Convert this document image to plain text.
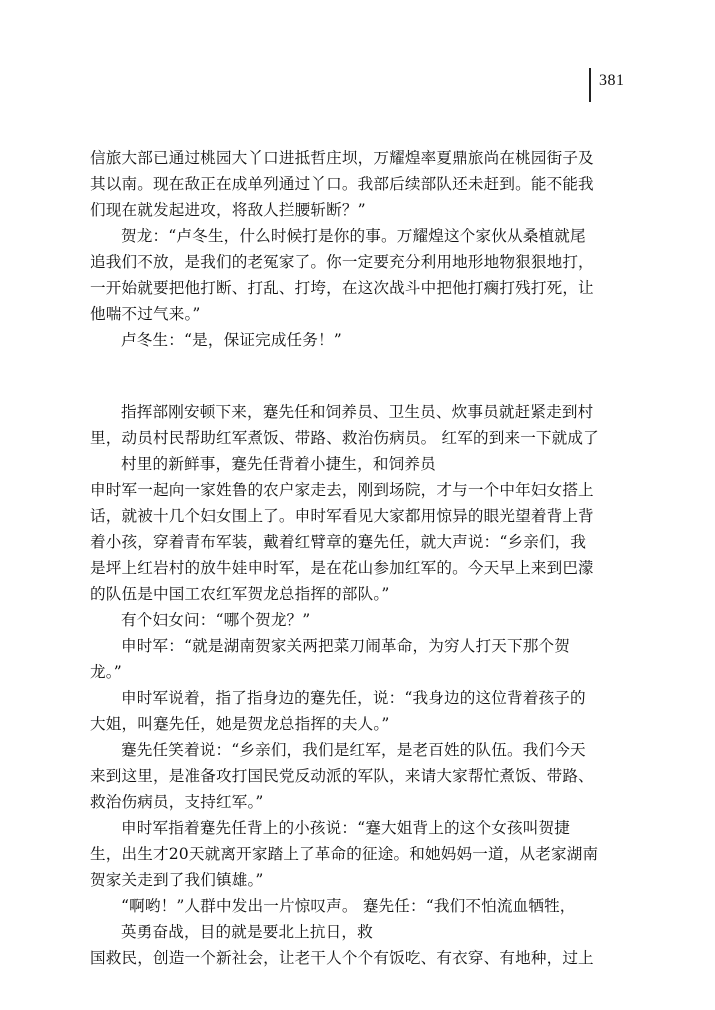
381
信旅大部已通过桃园大丫口进抵哲庄坝，万耀煌率夏鼎旅尚在桃园街子及
其以南。现在敌正在成单列通过丫口。我部后续部队还未赶到。能不能我
们现在就发起进攻，将敌人拦腰斩断？”
贺龙：“卢冬生，什么时候打是你的事。万耀煌这个家伙从桑植就尾
追我们不放，是我们的老冤家了。你一定要充分利用地形地物狠狠地打，
一开始就要把他打断、打乱、打垮，在这次战斗中把他打瘸打残打死，让
他喘不过气来。”
卢冬生：“是，保证完成任务！”
指挥部刚安顿下来，蹇先任和饲养员、卫生员、炊事员就赶紧走到村
里，动员村民帮助红军煮饭、带路、救治伤病员。 红军的到来一下就成了
村里的新鲜事，蹇先任背着小捷生，和饲养员
申时军一起向一家姓鲁的农户家走去，刚到场院，才与一个中年妇女搭上
话，就被十几个妇女围上了。申时军看见大家都用惊异的眼光望着背上背
着小孩，穿着青布军装，戴着红臂章的蹇先任，就大声说：“乡亲们，我
是坪上红岩村的放牛娃申时军，是在花山参加红军的。今天早上来到巴濛
的队伍是中国工农红军贺龙总指挥的部队。”
有个妇女问：“哪个贺龙？”
申时军：“就是湖南贺家关两把菜刀闹革命，为穷人打天下那个贺
龙。”
申时军说着，指了指身边的蹇先任，说：“我身边的这位背着孩子的
大姐，叫蹇先任，她是贺龙总指挥的夫人。”
蹇先任笑着说：“乡亲们，我们是红军，是老百姓的队伍。我们今天
来到这里，是准备攻打国民党反动派的军队，来请大家帮忙煮饭、带路、
救治伤病员，支持红军。”
申时军指着蹇先任背上的小孩说：“蹇大姐背上的这个女孩叫贺捷
生，出生才20天就离开家踏上了革命的征途。和她妈妈一道，从老家湖南
贺家关走到了我们镇雄。”
“啊哟！”人群中发出一片惊叹声。 蹇先任：“我们不怕流血牺牲，
英勇奋战，目的就是要北上抗日，救
国救民，创造一个新社会，让老干人个个有饭吃、有衣穿、有地种，过上
